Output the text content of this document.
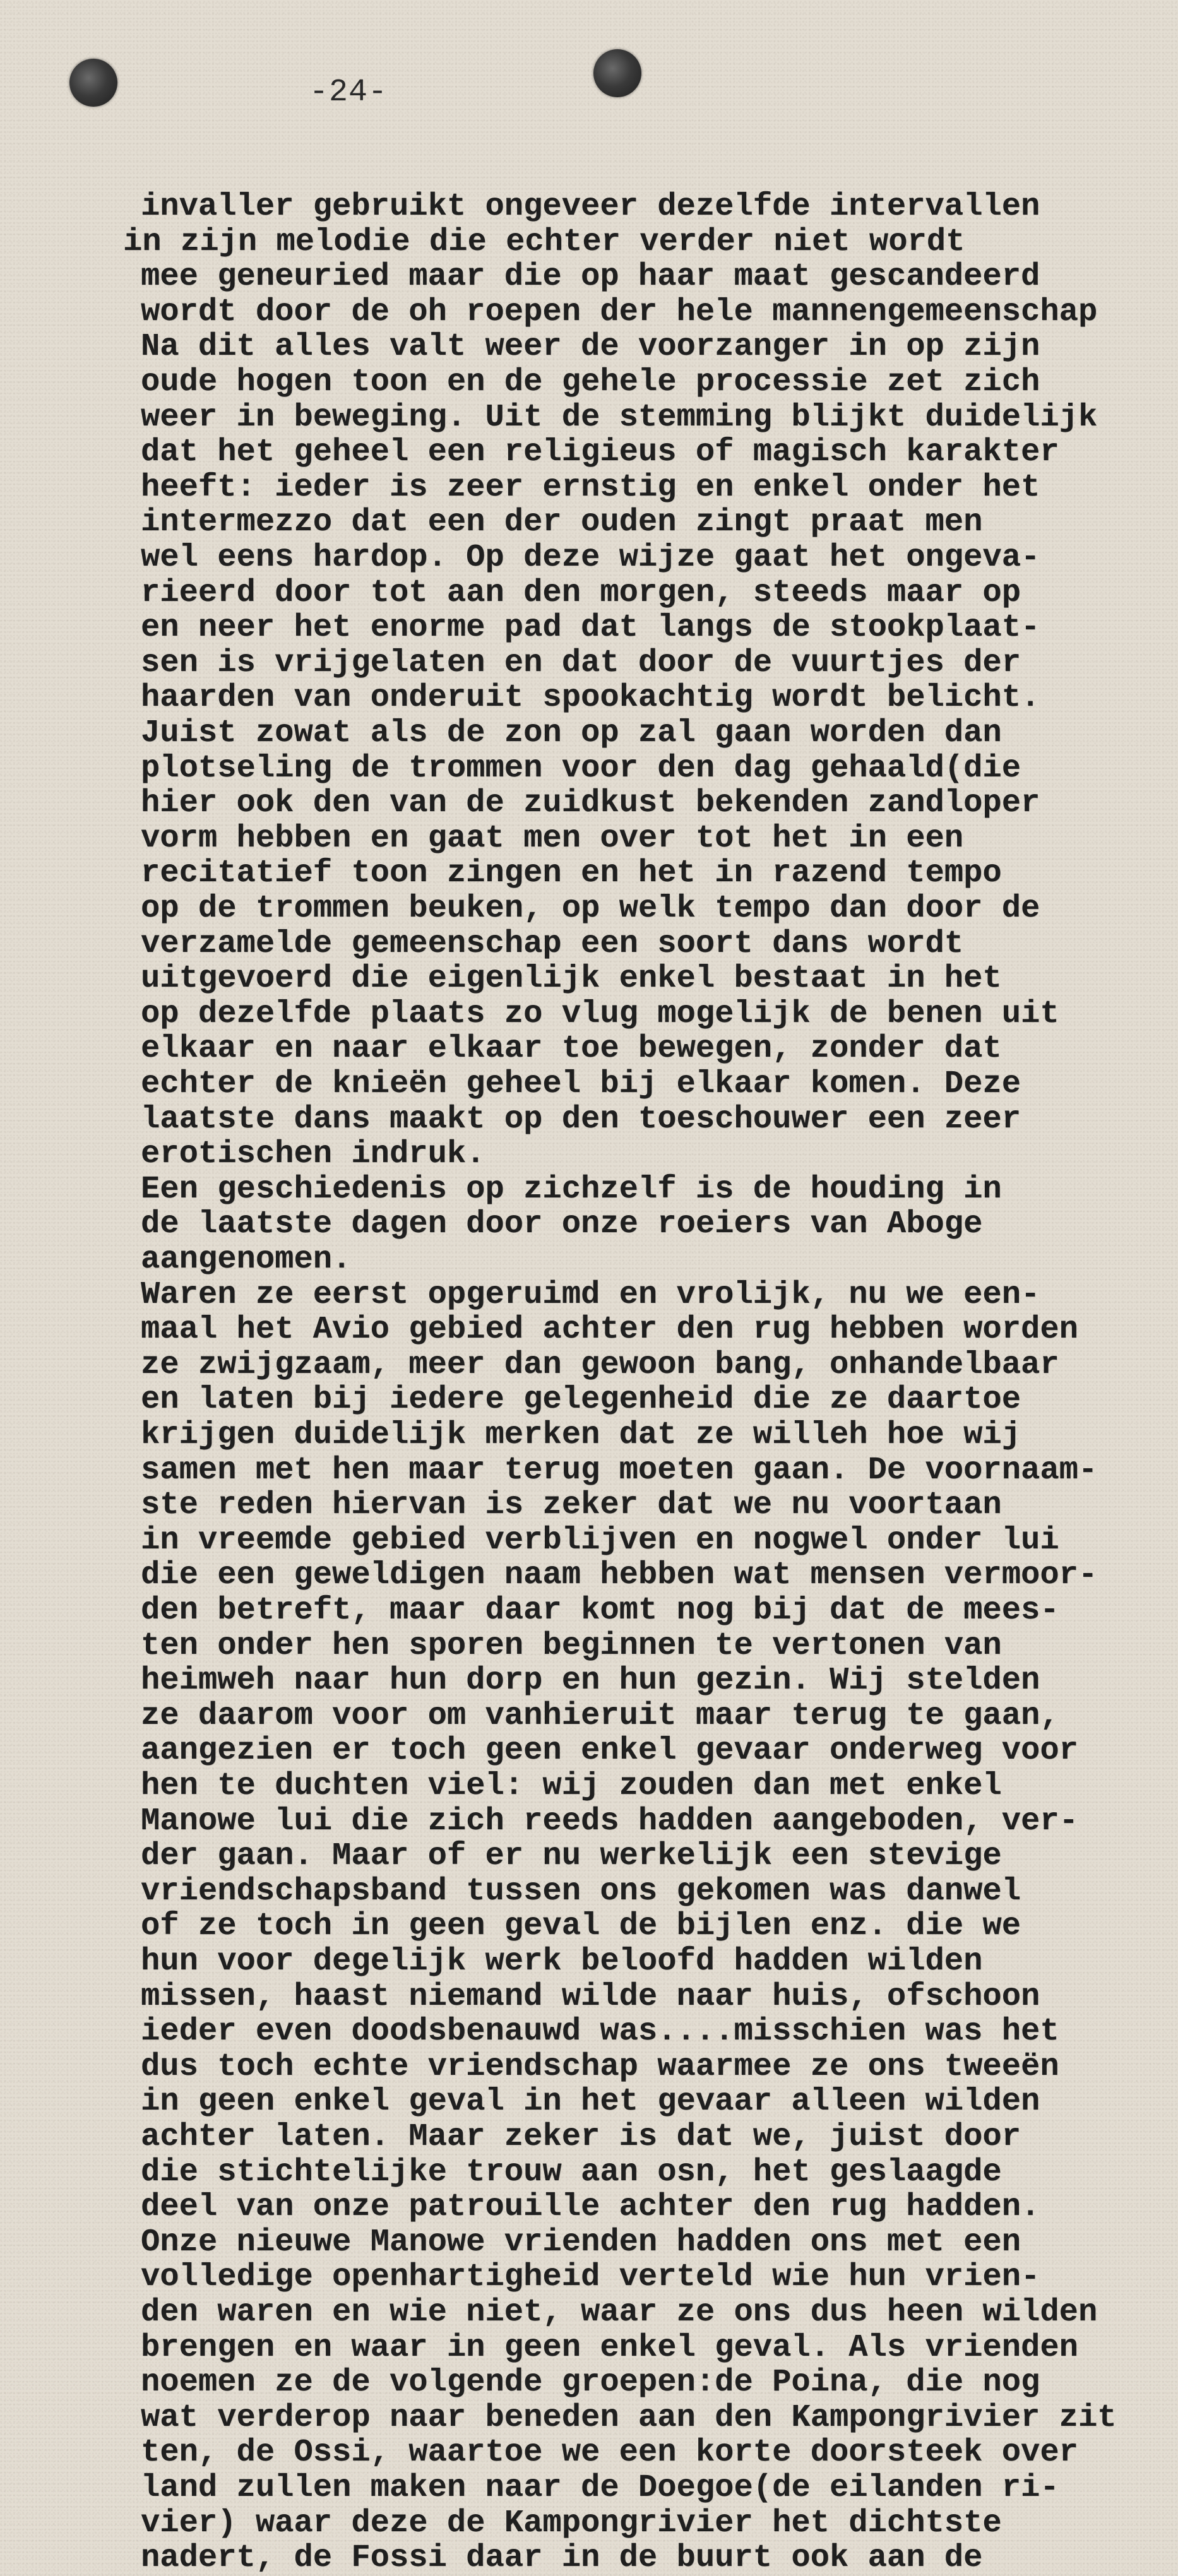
-24-
invaller gebruikt ongeveer dezelfde intervallen
in zijn melodie die echter verder niet wordt
mee geneuried maar die op haar maat gescandeerd
wordt door de oh roepen der hele mannengemeenschap
Na dit alles valt weer de voorzanger in op zijn
oude hogen toon en de gehele processie zet zich
weer in beweging. Uit de stemming blijkt duidelijk
dat het geheel een religieus of magisch karakter
heeft: ieder is zeer ernstig en enkel onder het
intermezzo dat een der ouden zingt praat men
wel eens hardop. Op deze wijze gaat het ongeva-
rieerd door tot aan den morgen, steeds maar op
en neer het enorme pad dat langs de stookplaat-
sen is vrijgelaten en dat door de vuurtjes der
haarden van onderuit spookachtig wordt belicht.
Juist zowat als de zon op zal gaan worden dan
plotseling de trommen voor den dag gehaald(die
hier ook den van de zuidkust bekenden zandloper
vorm hebben en gaat men over tot het in een
recitatief toon zingen en het in razend tempo
op de trommen beuken, op welk tempo dan door de
verzamelde gemeenschap een soort dans wordt
uitgevoerd die eigenlijk enkel bestaat in het
op dezelfde plaats zo vlug mogelijk de benen uit
elkaar en naar elkaar toe bewegen, zonder dat
echter de knieën geheel bij elkaar komen. Deze
laatste dans maakt op den toeschouwer een zeer
erotischen indruk.
Een geschiedenis op zichzelf is de houding in
de laatste dagen door onze roeiers van Aboge
aangenomen.
Waren ze eerst opgeruimd en vrolijk, nu we een-
maal het Avio gebied achter den rug hebben worden
ze zwijgzaam, meer dan gewoon bang, onhandelbaar
en laten bij iedere gelegenheid die ze daartoe
krijgen duidelijk merken dat ze willeh hoe wij
samen met hen maar terug moeten gaan. De voornaam-
ste reden hiervan is zeker dat we nu voortaan
in vreemde gebied verblijven en nogwel onder lui
die een geweldigen naam hebben wat mensen vermoor-
den betreft, maar daar komt nog bij dat de mees-
ten onder hen sporen beginnen te vertonen van
heimweh naar hun dorp en hun gezin. Wij stelden
ze daarom voor om vanhieruit maar terug te gaan,
aangezien er toch geen enkel gevaar onderweg voor
hen te duchten viel: wij zouden dan met enkel
Manowe lui die zich reeds hadden aangeboden, ver-
der gaan. Maar of er nu werkelijk een stevige
vriendschapsband tussen ons gekomen was danwel
of ze toch in geen geval de bijlen enz. die we
hun voor degelijk werk beloofd hadden wilden
missen, haast niemand wilde naar huis, ofschoon
ieder even doodsbenauwd was....misschien was het
dus toch echte vriendschap waarmee ze ons tweeën
in geen enkel geval in het gevaar alleen wilden
achter laten. Maar zeker is dat we, juist door
die stichtelijke trouw aan osn, het geslaagde
deel van onze patrouille achter den rug hadden.
Onze nieuwe Manowe vrienden hadden ons met een
volledige openhartigheid verteld wie hun vrien-
den waren en wie niet, waar ze ons dus heen wilden
brengen en waar in geen enkel geval. Als vrienden
noemen ze de volgende groepen:de Poina, die nog
wat verderop naar beneden aan den Kampongrivier zit
ten, de Ossi, waartoe we een korte doorsteek over
land zullen maken naar de Doegoe(de eilanden ri-
vier) waar deze de Kampongrivier het dichtste
nadert, de Fossi daar in de buurt ook aan de
